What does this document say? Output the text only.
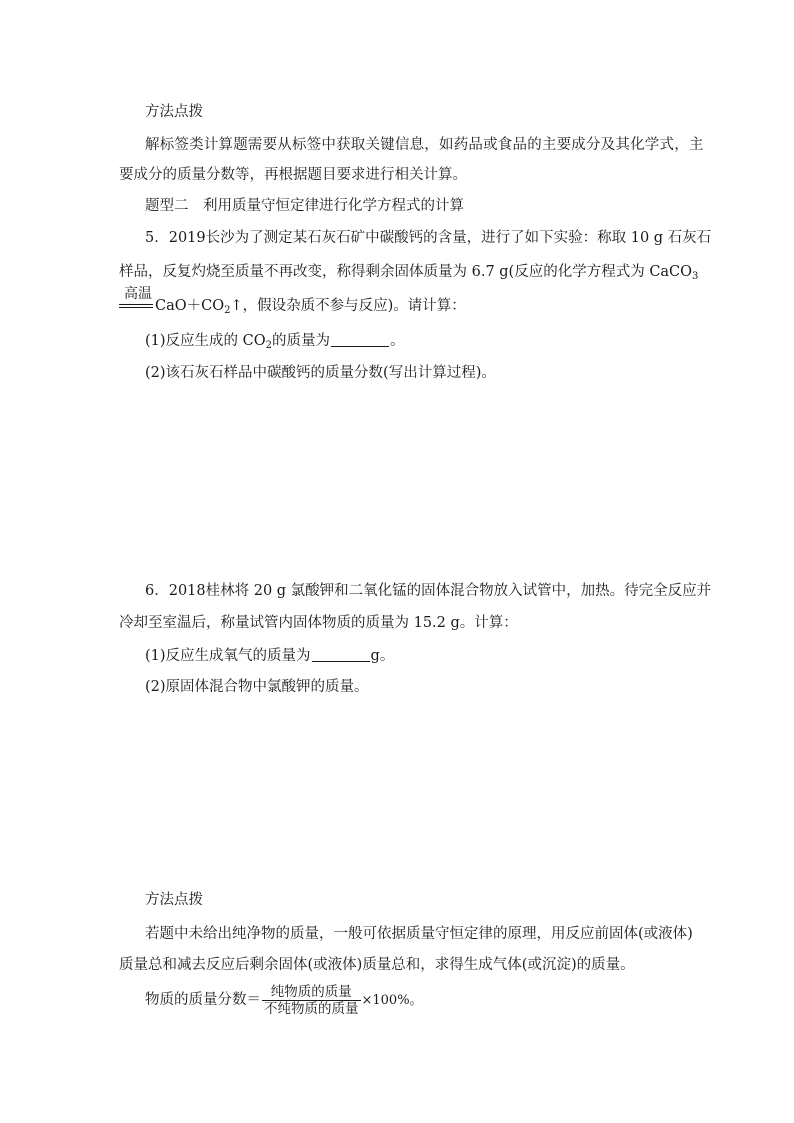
方法点拨
解标签类计算题需要从标签中获取关键信息，如药品或食品的主要成分及其化学式，主
要成分的质量分数等，再根据题目要求进行相关计算。
题型二　利用质量守恒定律进行化学方程式的计算
5．2019长沙为了测定某石灰石矿中碳酸钙的含量，进行了如下实验：称取 10 g 石灰石
样品，反复灼烧至质量不再改变，称得剩余固体质量为 6.7 g(反应的化学方程式为 CaCO$_3$
高温
$CaO+CO_2↑$，假设杂质不参与反应)。请计算：
(1)反应生成的 $CO_2$的质量为	。
(2)该石灰石样品中碳酸钙的质量分数(写出计算过程)。
6．2018桂林将 20 g 氯酸钾和二氧化锰的固体混合物放入试管中，加热。待完全反应并
冷却至室温后，称量试管内固体物质的质量为 15.2 g。计算：
(1)反应生成氧气的质量为	g。
(2)原固体混合物中氯酸钾的质量。
方法点拨
若题中未给出纯净物的质量，一般可依据质量守恒定律的原理，用反应前固体(或液体)
质量总和减去反应后剩余固体(或液体)质量总和，求得生成气体(或沉淀)的质量。
物质的质量分数＝ $\frac{\text{纯物质的质量}}{\text{不纯物质的质量}} \times 100\%$。
